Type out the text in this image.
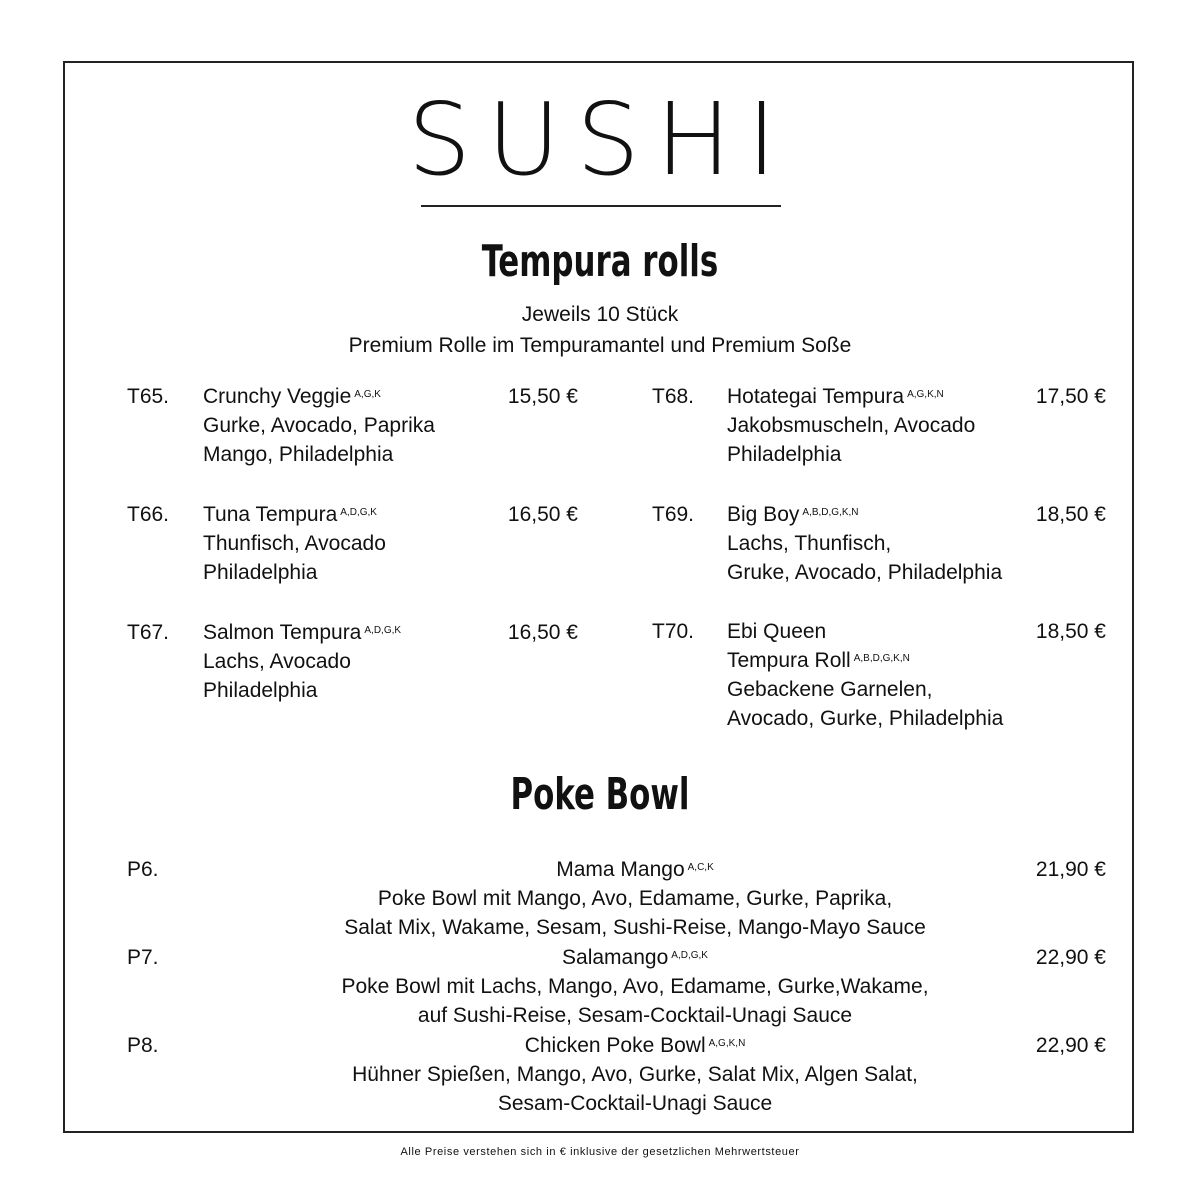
SUSHI
Tempura rolls
Jeweils 10 Stück
Premium Rolle im Tempuramantel und Premium Soße
T65. Crunchy Veggie $^{A,G,K}$
Gurke, Avocado, Paprika
Mango, Philadelphia
15,50 €
T66. Tuna Tempura $^{A,D,G,K}$
Thunfisch, Avocado
Philadelphia
16,50 €
T67. Salmon Tempura $^{A,D,G,K}$
Lachs, Avocado
Philadelphia
16,50 €
T68. Hotategai Tempura $^{A,G,K,N}$
Jakobsmuscheln, Avocado
Philadelphia
17,50 €
T69. Big Boy $^{A,B,D,G,K,N}$
Lachs, Thunfisch,
Gruke, Avocado, Philadelphia
18,50 €
T70. Ebi Queen
Tempura Roll $^{A,B,D,G,K,N}$
Gebackene Garnelen,
Avocado, Gurke, Philadelphia
18,50 €
Poke Bowl
P6.	Mama Mango $^{A,C,K}$
Poke Bowl mit Mango, Avo, Edamame, Gurke, Paprika,
Salat Mix, Wakame, Sesam, Sushi-Reise, Mango-Mayo Sauce
21,90 €
P7.	Salamango $^{A,D,G,K}$
Poke Bowl mit Lachs, Mango, Avo, Edamame, Gurke,Wakame,
auf Sushi-Reise, Sesam-Cocktail-Unagi Sauce
22,90 €
P8.	Chicken Poke Bowl $^{A,G,K,N}$
Hühner Spießen, Mango, Avo, Gurke, Salat Mix, Algen Salat,
Sesam-Cocktail-Unagi Sauce
22,90 €
Alle Preise verstehen sich in € inklusive der gesetzlichen Mehrwertsteuer
